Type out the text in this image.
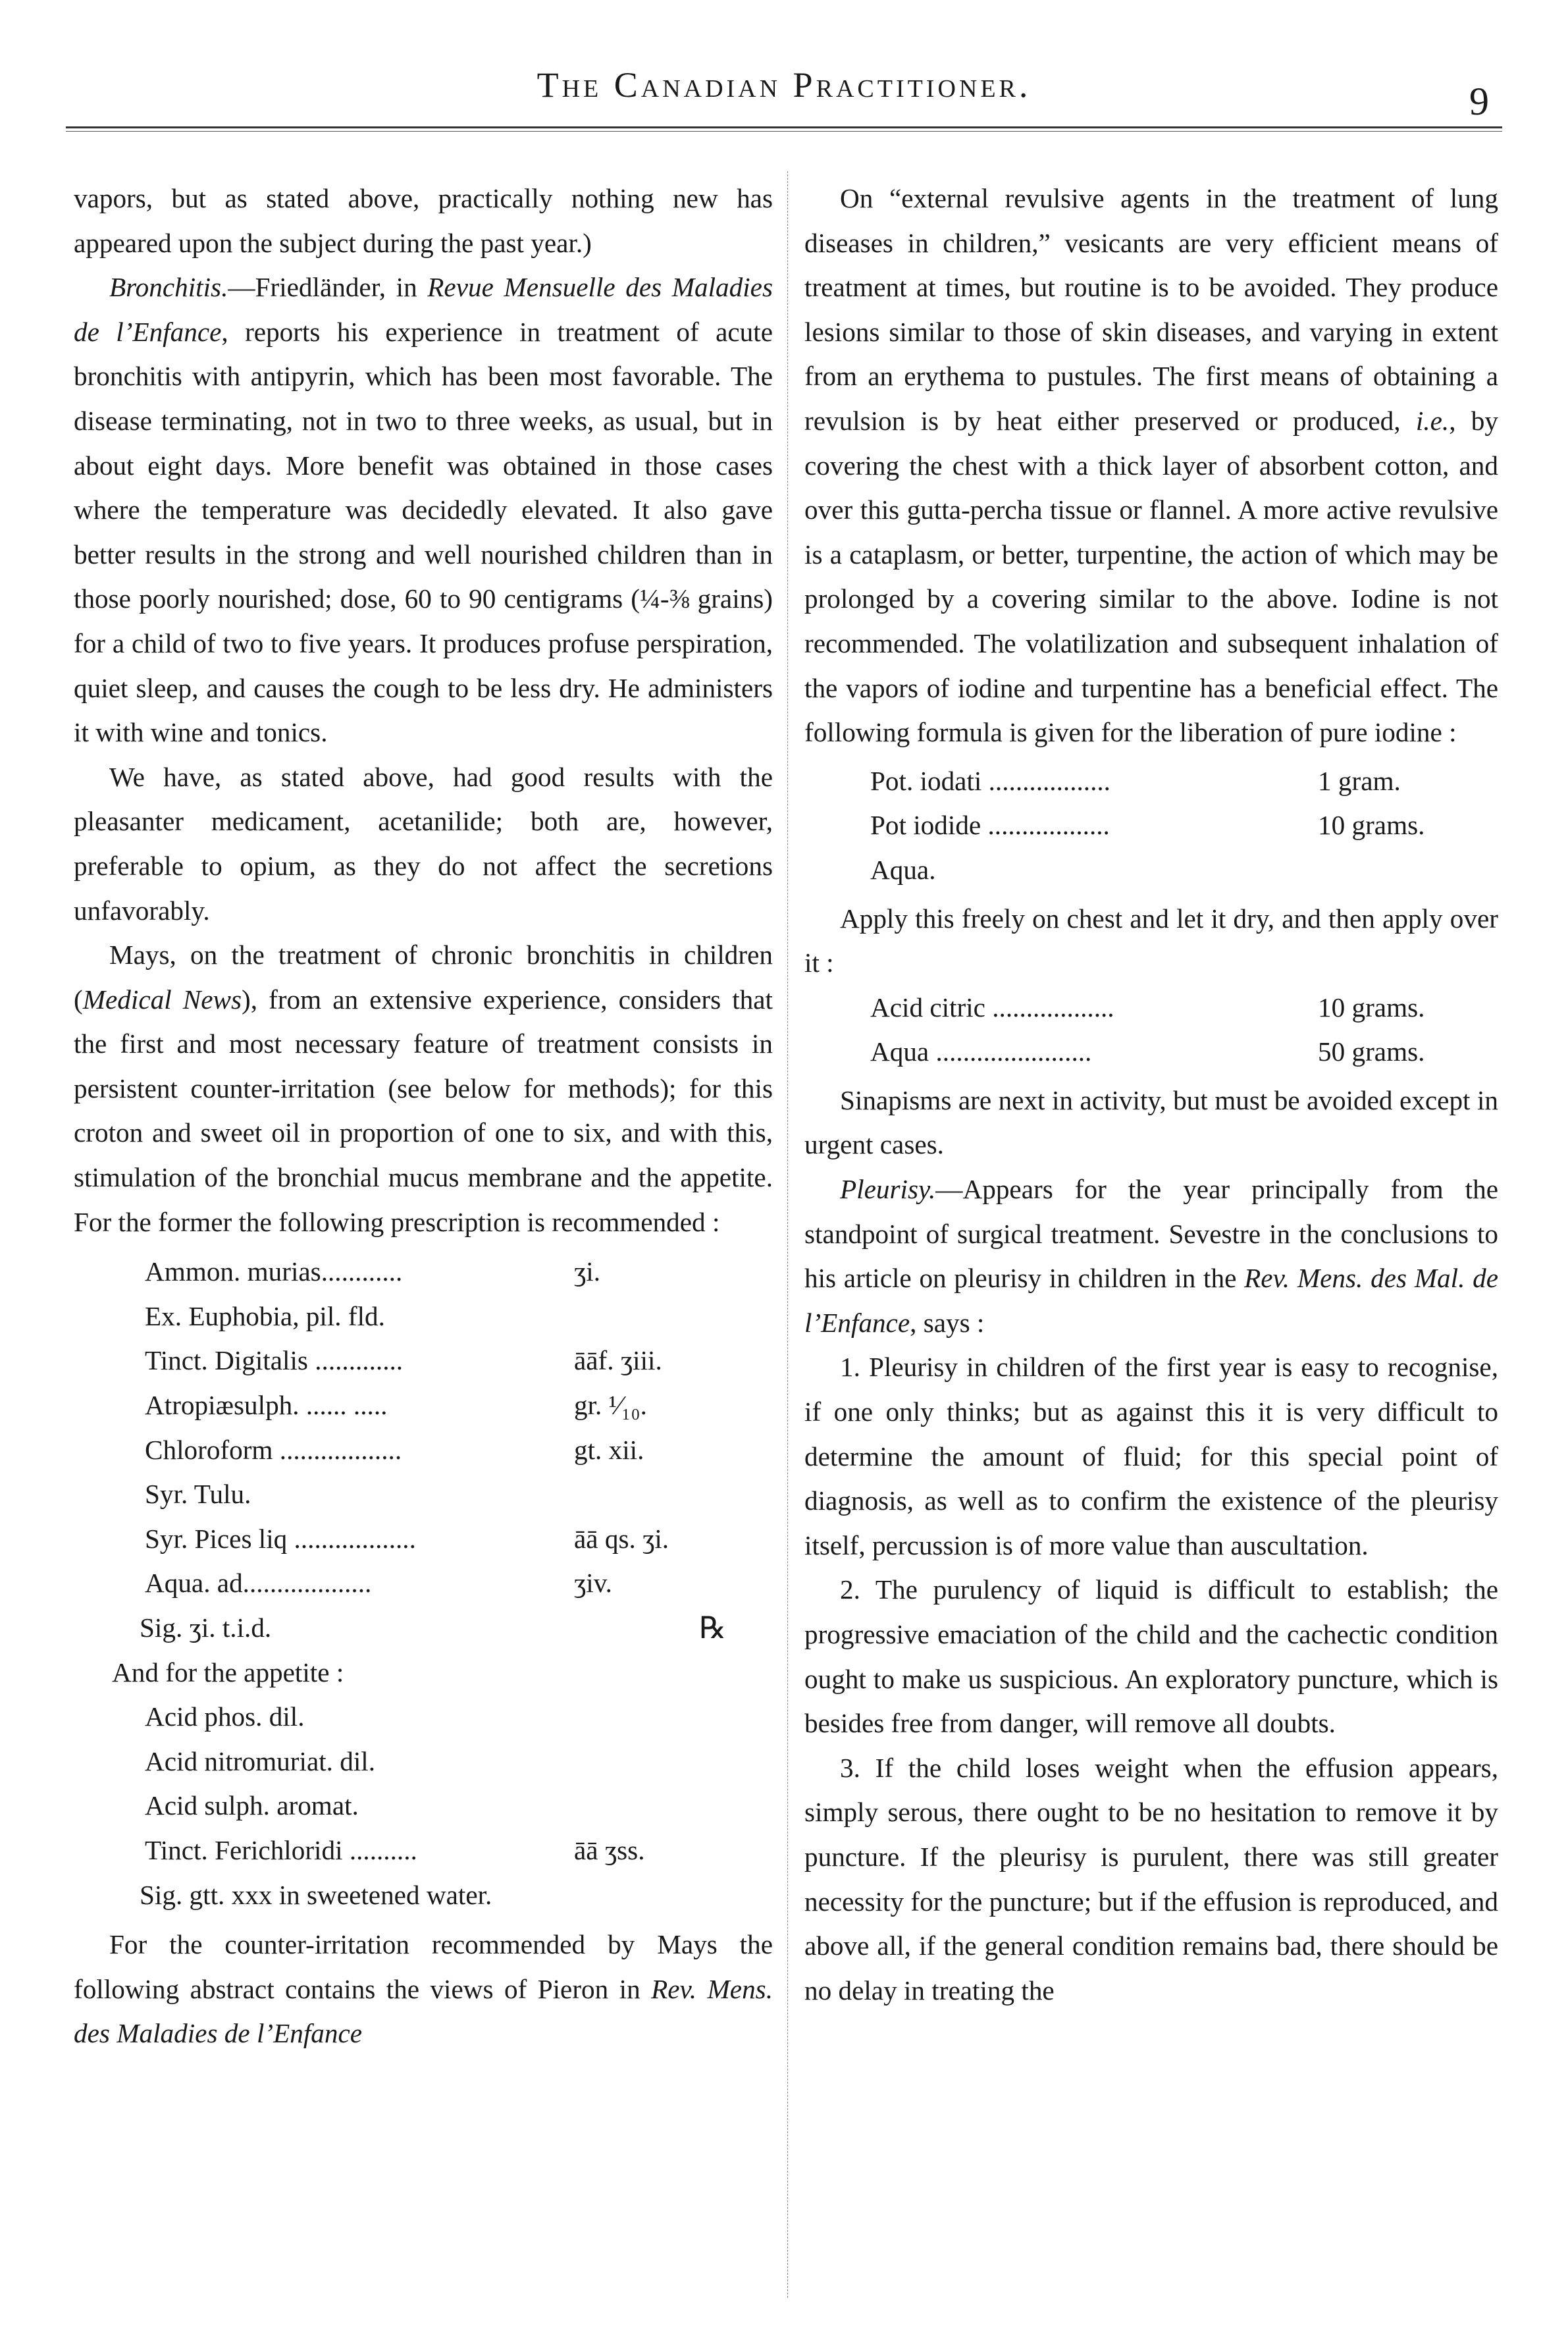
The Canadian Practitioner.	9

vapors, but as stated above, practically nothing new has appeared upon the subject during the past year.)

Bronchitis.—Friedländer, in Revue Mensuelle des Maladies de l’Enfance, reports his experience in treatment of acute bronchitis with antipyrin, which has been most favorable. The disease terminating, not in two to three weeks, as usual, but in about eight days. More benefit was obtained in those cases where the temperature was decidedly elevated. It also gave better results in the strong and well nourished children than in those poorly nourished; dose, 60 to 90 centigrams (¼-⅜ grains) for a child of two to five years. It produces profuse perspiration, quiet sleep, and causes the cough to be less dry. He administers it with wine and tonics.

We have, as stated above, had good results with the pleasanter medicament, acetanilide; both are, however, preferable to opium, as they do not affect the secretions unfavorably.

Mays, on the treatment of chronic bronchitis in children (Medical News), from an extensive experience, considers that the first and most necessary feature of treatment consists in persistent counter-irritation (see below for methods); for this croton and sweet oil in proportion of one to six, and with this, stimulation of the bronchial mucus membrane and the appetite. For the former the following prescription is recommended :

Ammon. murias............	ʒi.
Ex. Euphobia, pil. fld.
Tinct. Digitalis .............	āāf. ʒiii.
Atropiæsulph. ...... .....	gr. ¹⁄₁₀.
Chloroform ..................	gt. xii.
Syr. Tulu.
Syr. Pices liq ..................	āā qs. ʒi.
Aqua. ad...................	ʒiv.
Sig. ʒi. t.i.d.	℞
And for the appetite :
Acid phos. dil.
Acid nitromuriat. dil.
Acid sulph. aromat.
Tinct. Ferichloridi ..........	āā ʒss.
Sig. gtt. xxx in sweetened water.

For the counter-irritation recommended by Mays the following abstract contains the views of Pieron in Rev. Mens. des Maladies de l’Enfance

On “external revulsive agents in the treatment of lung diseases in children,” vesicants are very efficient means of treatment at times, but routine is to be avoided. They produce lesions similar to those of skin diseases, and varying in extent from an erythema to pustules. The first means of obtaining a revulsion is by heat either preserved or produced, i.e., by covering the chest with a thick layer of absorbent cotton, and over this gutta-percha tissue or flannel. A more active revulsive is a cataplasm, or better, turpentine, the action of which may be prolonged by a covering similar to the above. Iodine is not recommended. The volatilization and subsequent inhalation of the vapors of iodine and turpentine has a beneficial effect. The following formula is given for the liberation of pure iodine :

Pot. iodati ..................	1 gram.
Pot iodide ..................	10 grams.
Aqua.

Apply this freely on chest and let it dry, and then apply over it :

Acid citric ..................	10 grams.
Aqua .......................	50 grams.

Sinapisms are next in activity, but must be avoided except in urgent cases.

Pleurisy.—Appears for the year principally from the standpoint of surgical treatment. Sevestre in the conclusions to his article on pleurisy in children in the Rev. Mens. des Mal. de l’Enfance, says :

1. Pleurisy in children of the first year is easy to recognise, if one only thinks; but as against this it is very difficult to determine the amount of fluid; for this special point of diagnosis, as well as to confirm the existence of the pleurisy itself, percussion is of more value than auscultation.

2. The purulency of liquid is difficult to establish; the progressive emaciation of the child and the cachectic condition ought to make us suspicious. An exploratory puncture, which is besides free from danger, will remove all doubts.

3. If the child loses weight when the effusion appears, simply serous, there ought to be no hesitation to remove it by puncture. If the pleurisy is purulent, there was still greater necessity for the puncture; but if the effusion is reproduced, and above all, if the general condition remains bad, there should be no delay in treating the
